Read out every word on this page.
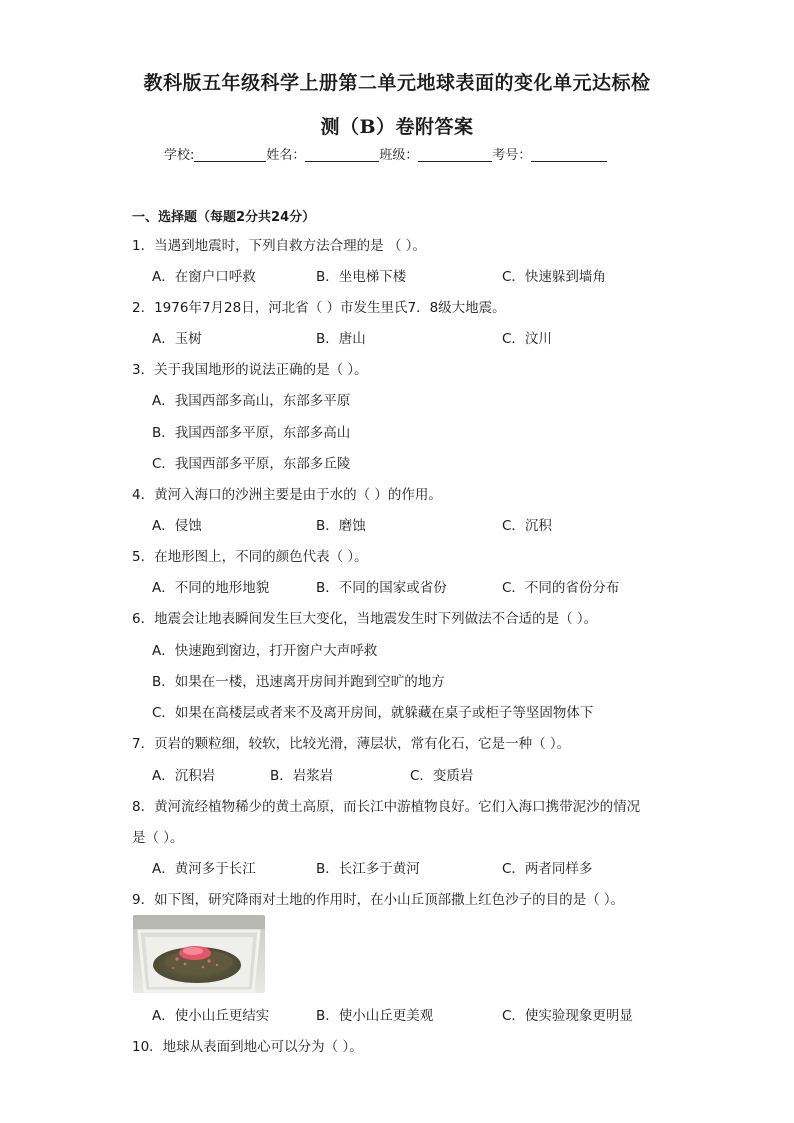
教科版五年级科学上册第二单元地球表面的变化单元达标检
测（B）卷附答案
学校:	姓名：	班级：	考号：
一、选择题（每题2分共24分）
1．当遇到地震时，下列自救方法合理的是 （ ）。
A．在窗户口呼救	B．坐电梯下楼	C．快速躲到墙角
2．1976年7月28日，河北省（ ）市发生里氏7．8级大地震。
A．玉树	B．唐山	C．汶川
3．关于我国地形的说法正确的是（ ）。
A．我国西部多高山，东部多平原
B．我国西部多平原，东部多高山
C．我国西部多平原，东部多丘陵
4．黄河入海口的沙洲主要是由于水的（ ）的作用。
A．侵蚀	B．磨蚀	C．沉积
5．在地形图上，不同的颜色代表（ ）。
A．不同的地形地貌	B．不同的国家或省份	C．不同的省份分布
6．地震会让地表瞬间发生巨大变化，当地震发生时下列做法不合适的是（ ）。
A．快速跑到窗边，打开窗户大声呼救
B．如果在一楼，迅速离开房间并跑到空旷的地方
C．如果在高楼层或者来不及离开房间，就躲藏在桌子或柜子等坚固物体下
7．页岩的颗粒细，较软，比较光滑，薄层状，常有化石，它是一种（ ）。
A．沉积岩	B．岩浆岩	C．变质岩
8．黄河流经植物稀少的黄土高原，而长江中游植物良好。它们入海口携带泥沙的情况
是（ ）。
A．黄河多于长江	B．长江多于黄河	C．两者同样多
9．如下图，研究降雨对土地的作用时，在小山丘顶部撒上红色沙子的目的是（ ）。
A．使小山丘更结实	B．使小山丘更美观	C．使实验现象更明显
10．地球从表面到地心可以分为（ ）。
